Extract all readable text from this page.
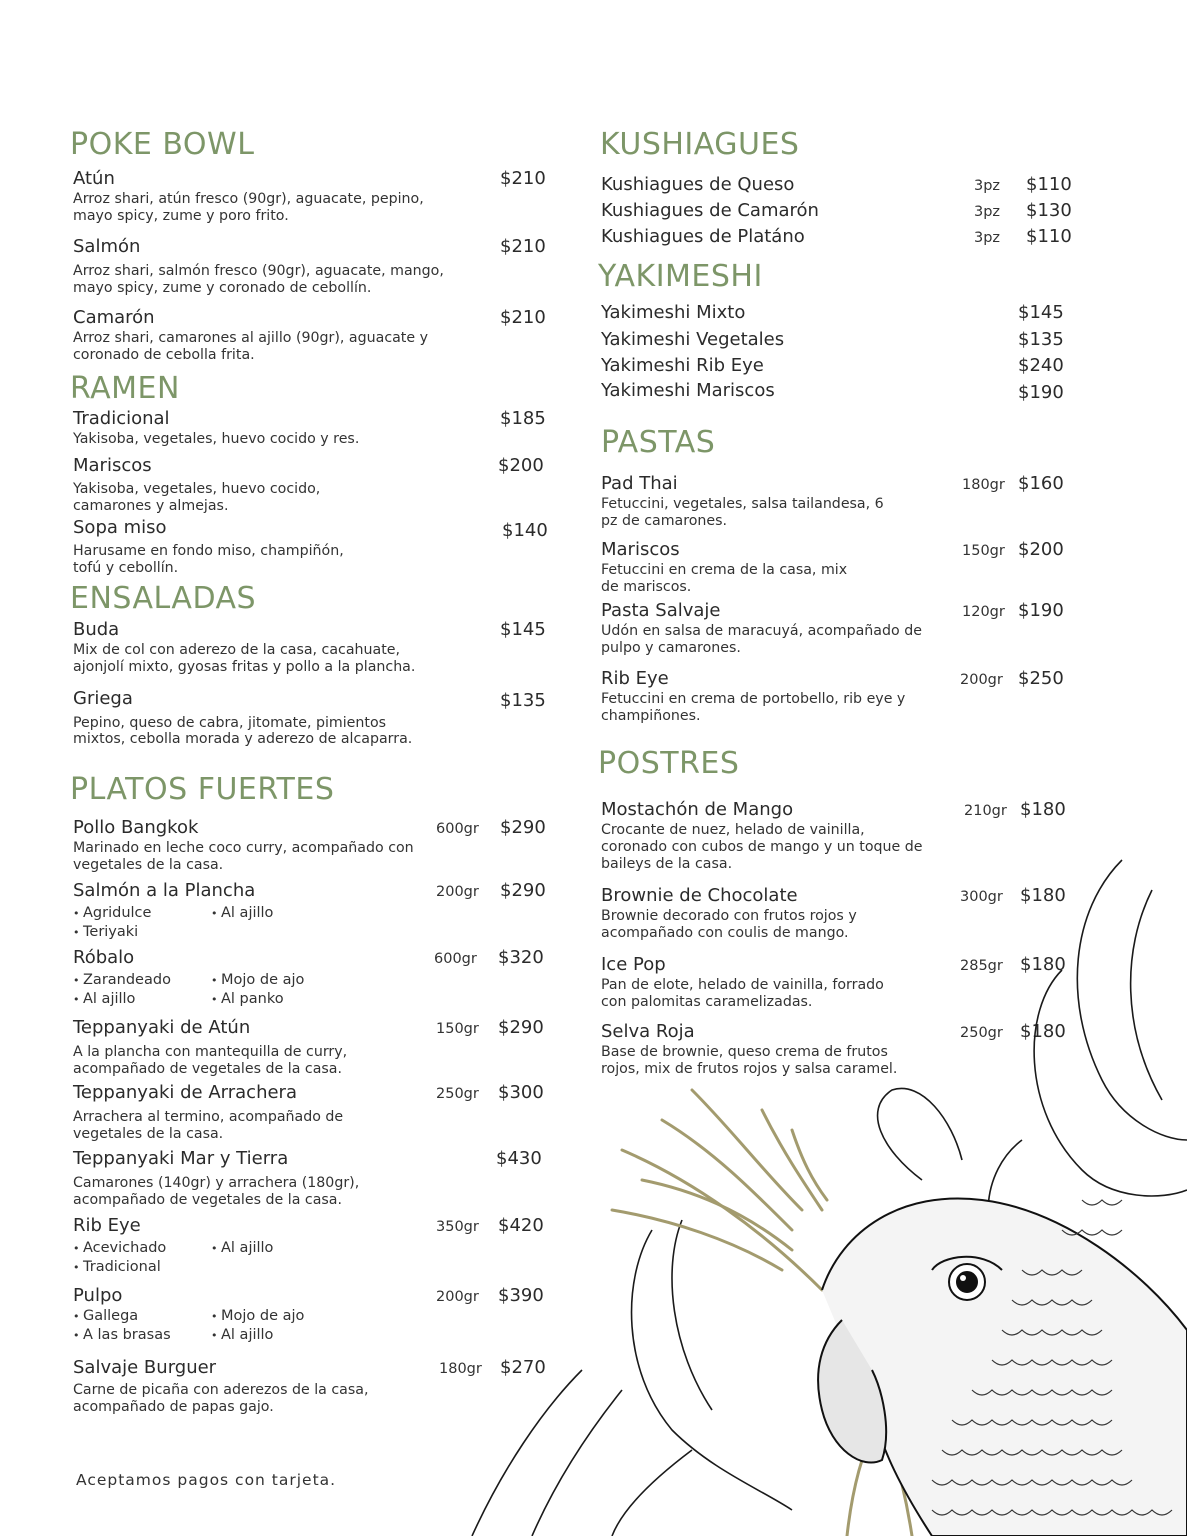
POKE BOWL
Atún
Arroz shari, atún fresco (90gr), aguacate, pepino, mayo spicy, zume y poro frito.
$210
Salmón
Arroz shari, salmón fresco (90gr), aguacate, mango, mayo spicy, zume y coronado de cebollín.
$210
Camarón
Arroz shari, camarones al ajillo (90gr), aguacate y coronado de cebolla frita.
$210
RAMEN
Tradicional
Yakisoba, vegetales, huevo cocido y res.
$185
Mariscos
Yakisoba, vegetales, huevo cocido, camarones y almejas.
$200
Sopa miso
Harusame en fondo miso, champiñón, tofú y cebollín.
$140
ENSALADAS
Buda
Mix de col con aderezo de la casa, cacahuate, ajonjolí mixto, gyosas fritas y pollo a la plancha.
$145
Griega
Pepino, queso de cabra, jitomate, pimientos mixtos, cebolla morada y aderezo de alcaparra.
$135
PLATOS FUERTES
Pollo Bangkok
Marinado en leche coco curry, acompañado con vegetales de la casa.
600gr $290
Salmón a la Plancha
• Agridulce	• Al ajillo
• Teriyaki
200gr $290
Róbalo
• Zarandeado	• Mojo de ajo
• Al ajillo	• Al panko
600gr $320
Teppanyaki de Atún
A la plancha con mantequilla de curry, acompañado de vegetales de la casa.
150gr $290
Teppanyaki de Arrachera
Arrachera al termino, acompañado de vegetales de la casa.
250gr $300
Teppanyaki Mar y Tierra
Camarones (140gr) y arrachera (180gr), acompañado de vegetales de la casa.
$430
Rib Eye
• Acevichado	• Al ajillo
• Tradicional
350gr $420
Pulpo
• Gallega	• Mojo de ajo
• A las brasas	• Al ajillo
200gr $390
Salvaje Burguer
Carne de picaña con aderezos de la casa, acompañado de papas gajo.
180gr $270
KUSHIAGUES
Kushiagues de Queso	3pz $110
Kushiagues de Camarón	3pz $130
Kushiagues de Platáno	3pz $110
YAKIMESHI
Yakimeshi Mixto	$145
Yakimeshi Vegetales	$135
Yakimeshi Rib Eye	$240
Yakimeshi Mariscos	$190
PASTAS
Pad Thai
Fetuccini, vegetales, salsa tailandesa, 6 pz de camarones.
180gr $160
Mariscos
Fetuccini en crema de la casa, mix de mariscos.
150gr $200
Pasta Salvaje
Udón en salsa de maracuyá, acompañado de pulpo y camarones.
120gr $190
Rib Eye
Fetuccini en crema de portobello, rib eye y champiñones.
200gr $250
POSTRES
Mostachón de Mango
Crocante de nuez, helado de vainilla, coronado con cubos de mango y un toque de baileys de la casa.
210gr $180
Brownie de Chocolate
Brownie decorado con frutos rojos y acompañado con coulis de mango.
300gr $180
Ice Pop
Pan de elote, helado de vainilla, forrado con palomitas caramelizadas.
285gr $180
Selva Roja
Base de brownie, queso crema de frutos rojos, mix de frutos rojos y salsa caramel.
250gr $180
Aceptamos pagos con tarjeta.
